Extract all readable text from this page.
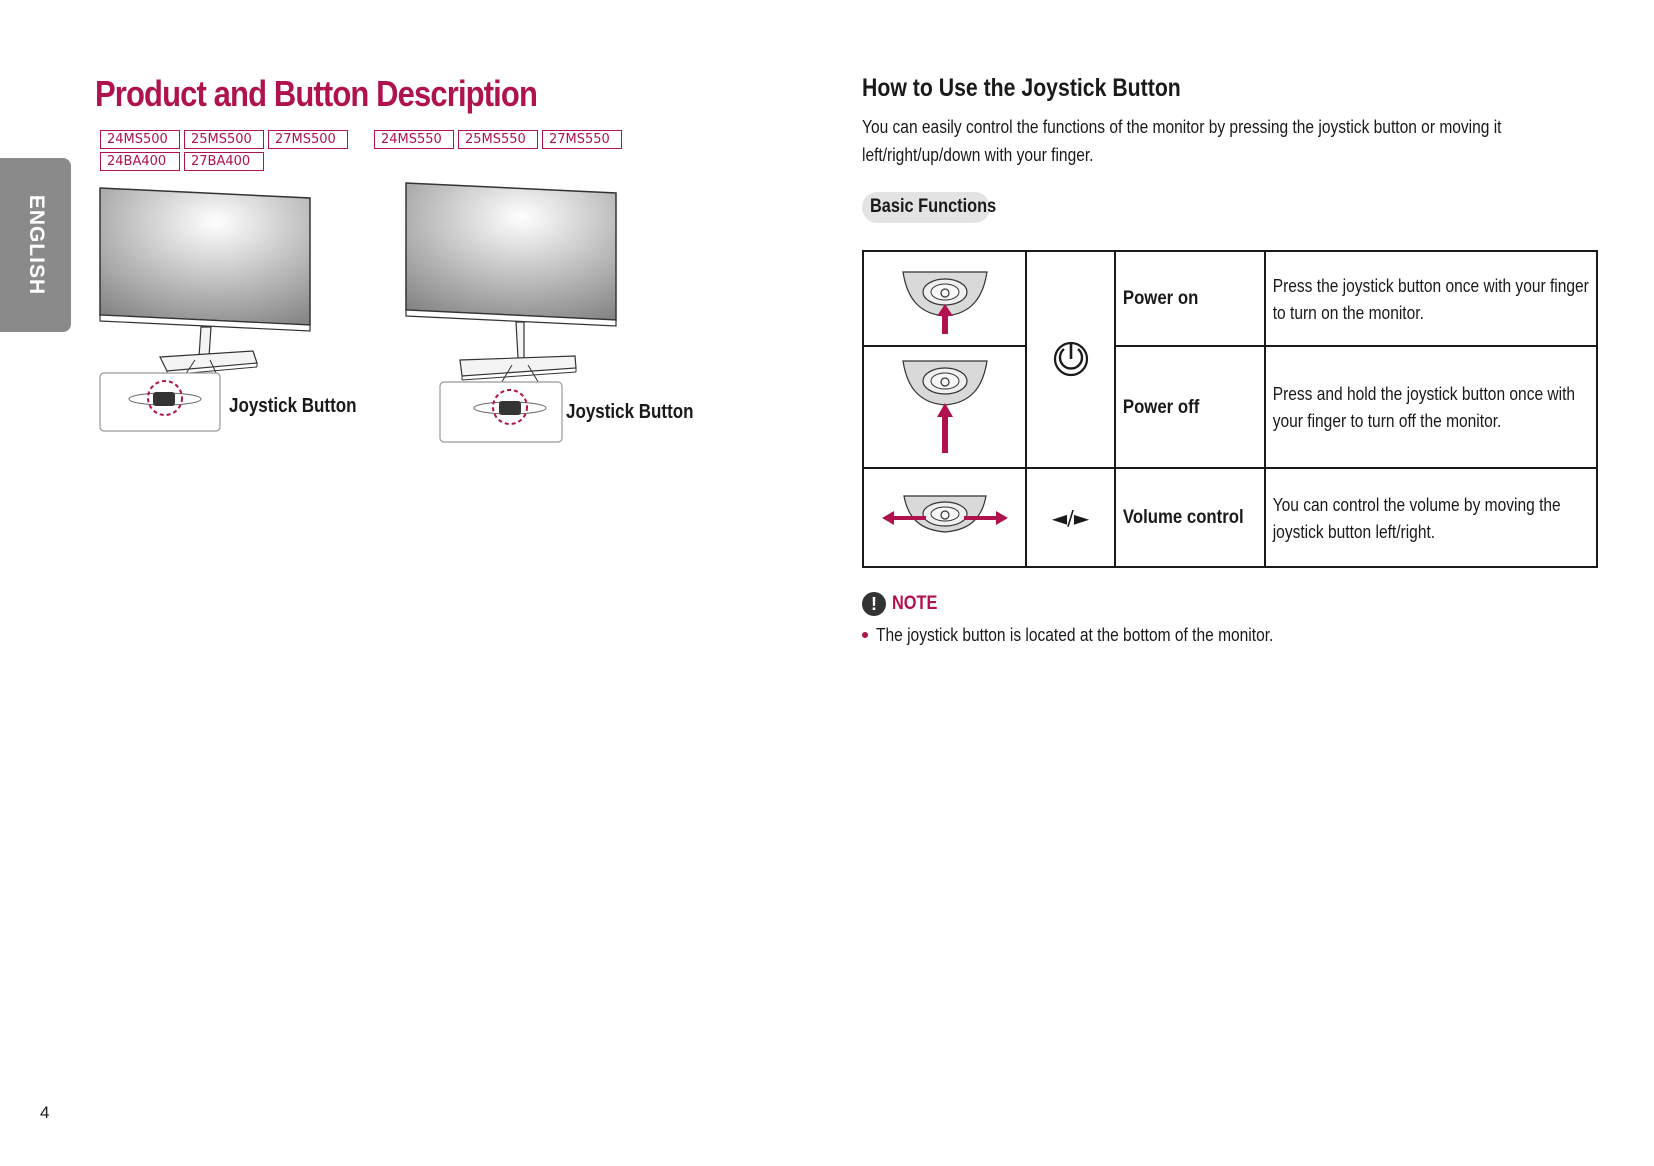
ENGLISH
Product and Button Description
24MS500	25MS500	27MS500
24BA400	27BA400
24MS550	25MS550	27MS550
Joystick Button	Joystick Button
How to Use the Joystick Button

You can easily control the functions of the monitor by pressing the joystick button or moving it left/right/up/down with your finger.

Basic Functions

Power on	Press the joystick button once with your finger to turn on the monitor.

Power off	Press and hold the joystick button once with your finger to turn off the monitor.

	◄/►	Volume control	You can control the volume by moving the joystick button left/right.
! NOTE
The joystick button is located at the bottom of the monitor.
4
